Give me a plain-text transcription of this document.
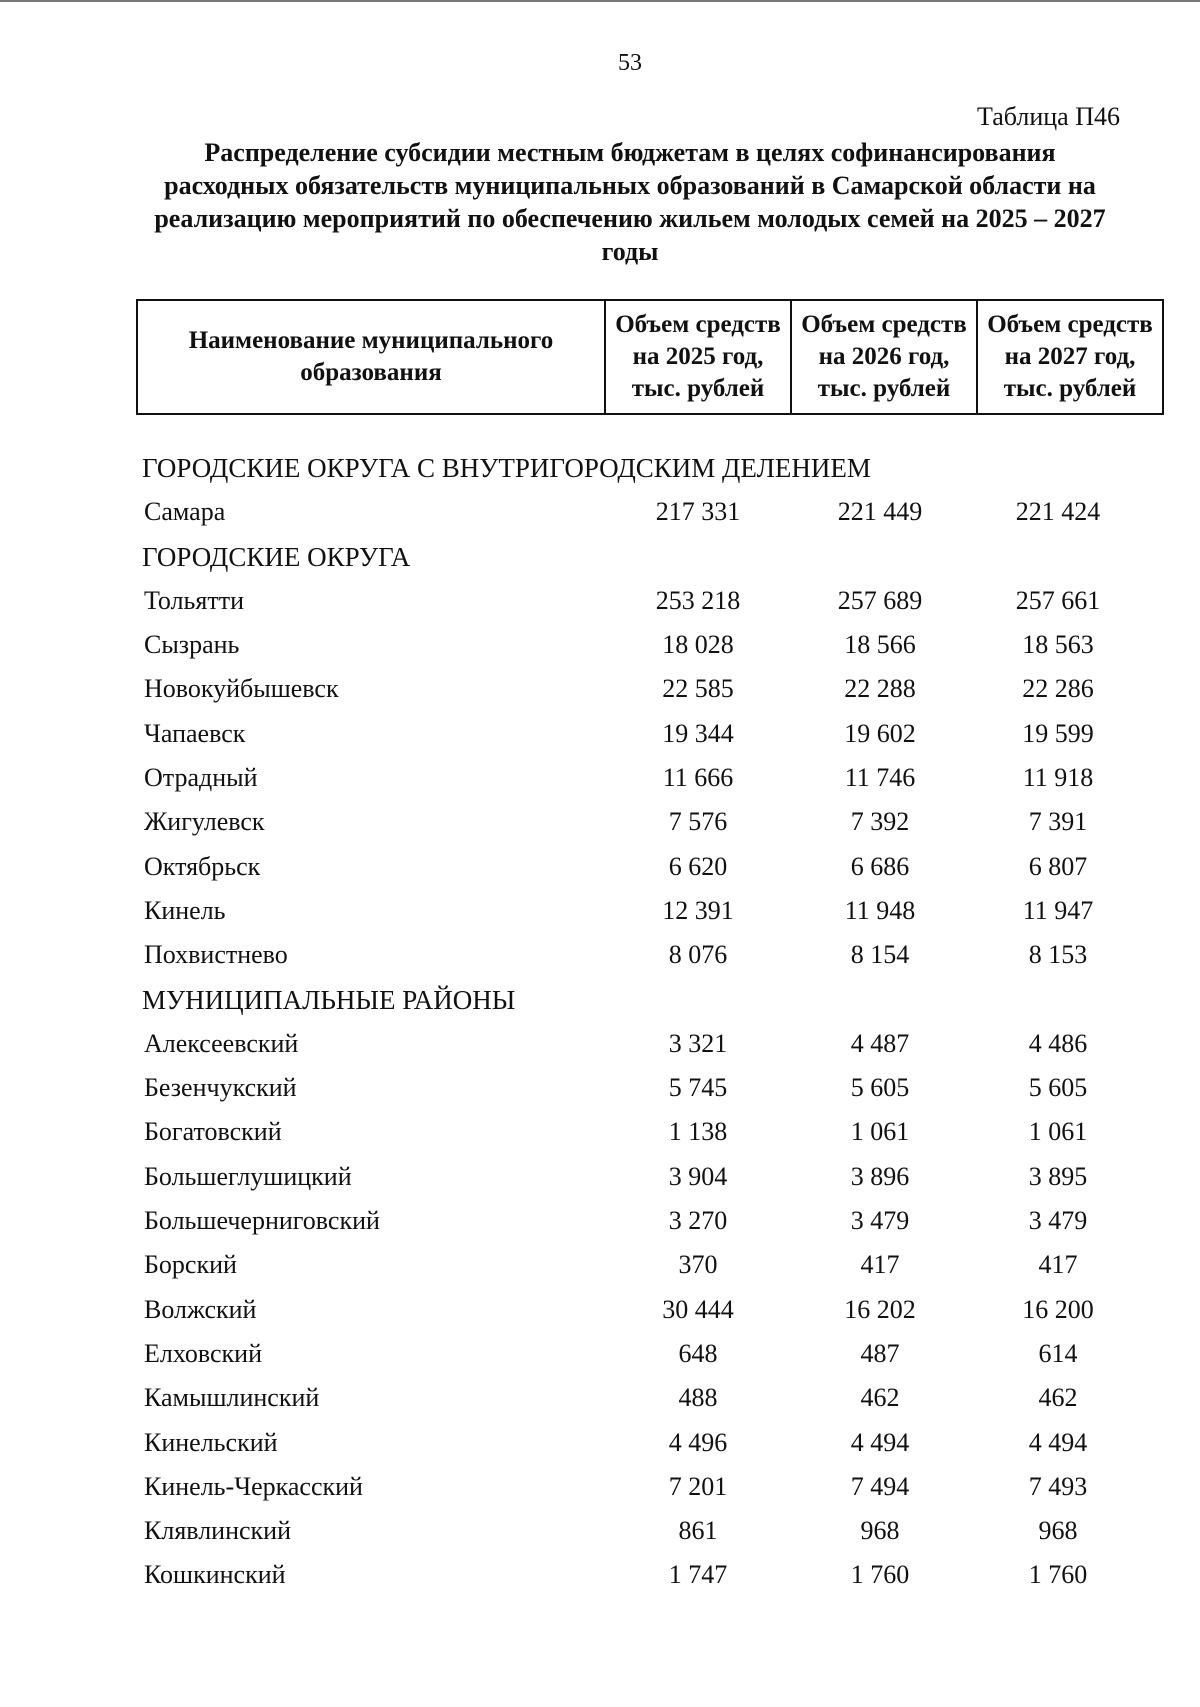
53
Таблица П46
Распределение субсидии местным бюджетам в целях софинансирования расходных обязательств муниципальных образований в Самарской области на реализацию мероприятий по обеспечению жильем молодых семей на 2025 – 2027 годы
Наименование муниципального образования	Объем средств на 2025 год, тыс. рублей	Объем средств на 2026 год, тыс. рублей	Объем средств на 2027 год, тыс. рублей
ГОРОДСКИЕ ОКРУГА С ВНУТРИГОРОДСКИМ ДЕЛЕНИЕМ
Самара	217 331	221 449	221 424
ГОРОДСКИЕ ОКРУГА
Тольятти	253 218	257 689	257 661
Сызрань	18 028	18 566	18 563
Новокуйбышевск	22 585	22 288	22 286
Чапаевск	19 344	19 602	19 599
Отрадный	11 666	11 746	11 918
Жигулевск	7 576	7 392	7 391
Октябрьск	6 620	6 686	6 807
Кинель	12 391	11 948	11 947
Похвистнево	8 076	8 154	8 153
МУНИЦИПАЛЬНЫЕ РАЙОНЫ
Алексеевский	3 321	4 487	4 486
Безенчукский	5 745	5 605	5 605
Богатовский	1 138	1 061	1 061
Большеглушицкий	3 904	3 896	3 895
Большечерниговский	3 270	3 479	3 479
Борский	370	417	417
Волжский	30 444	16 202	16 200
Елховский	648	487	614
Камышлинский	488	462	462
Кинельский	4 496	4 494	4 494
Кинель-Черкасский	7 201	7 494	7 493
Клявлинский	861	968	968
Кошкинский	1 747	1 760	1 760
